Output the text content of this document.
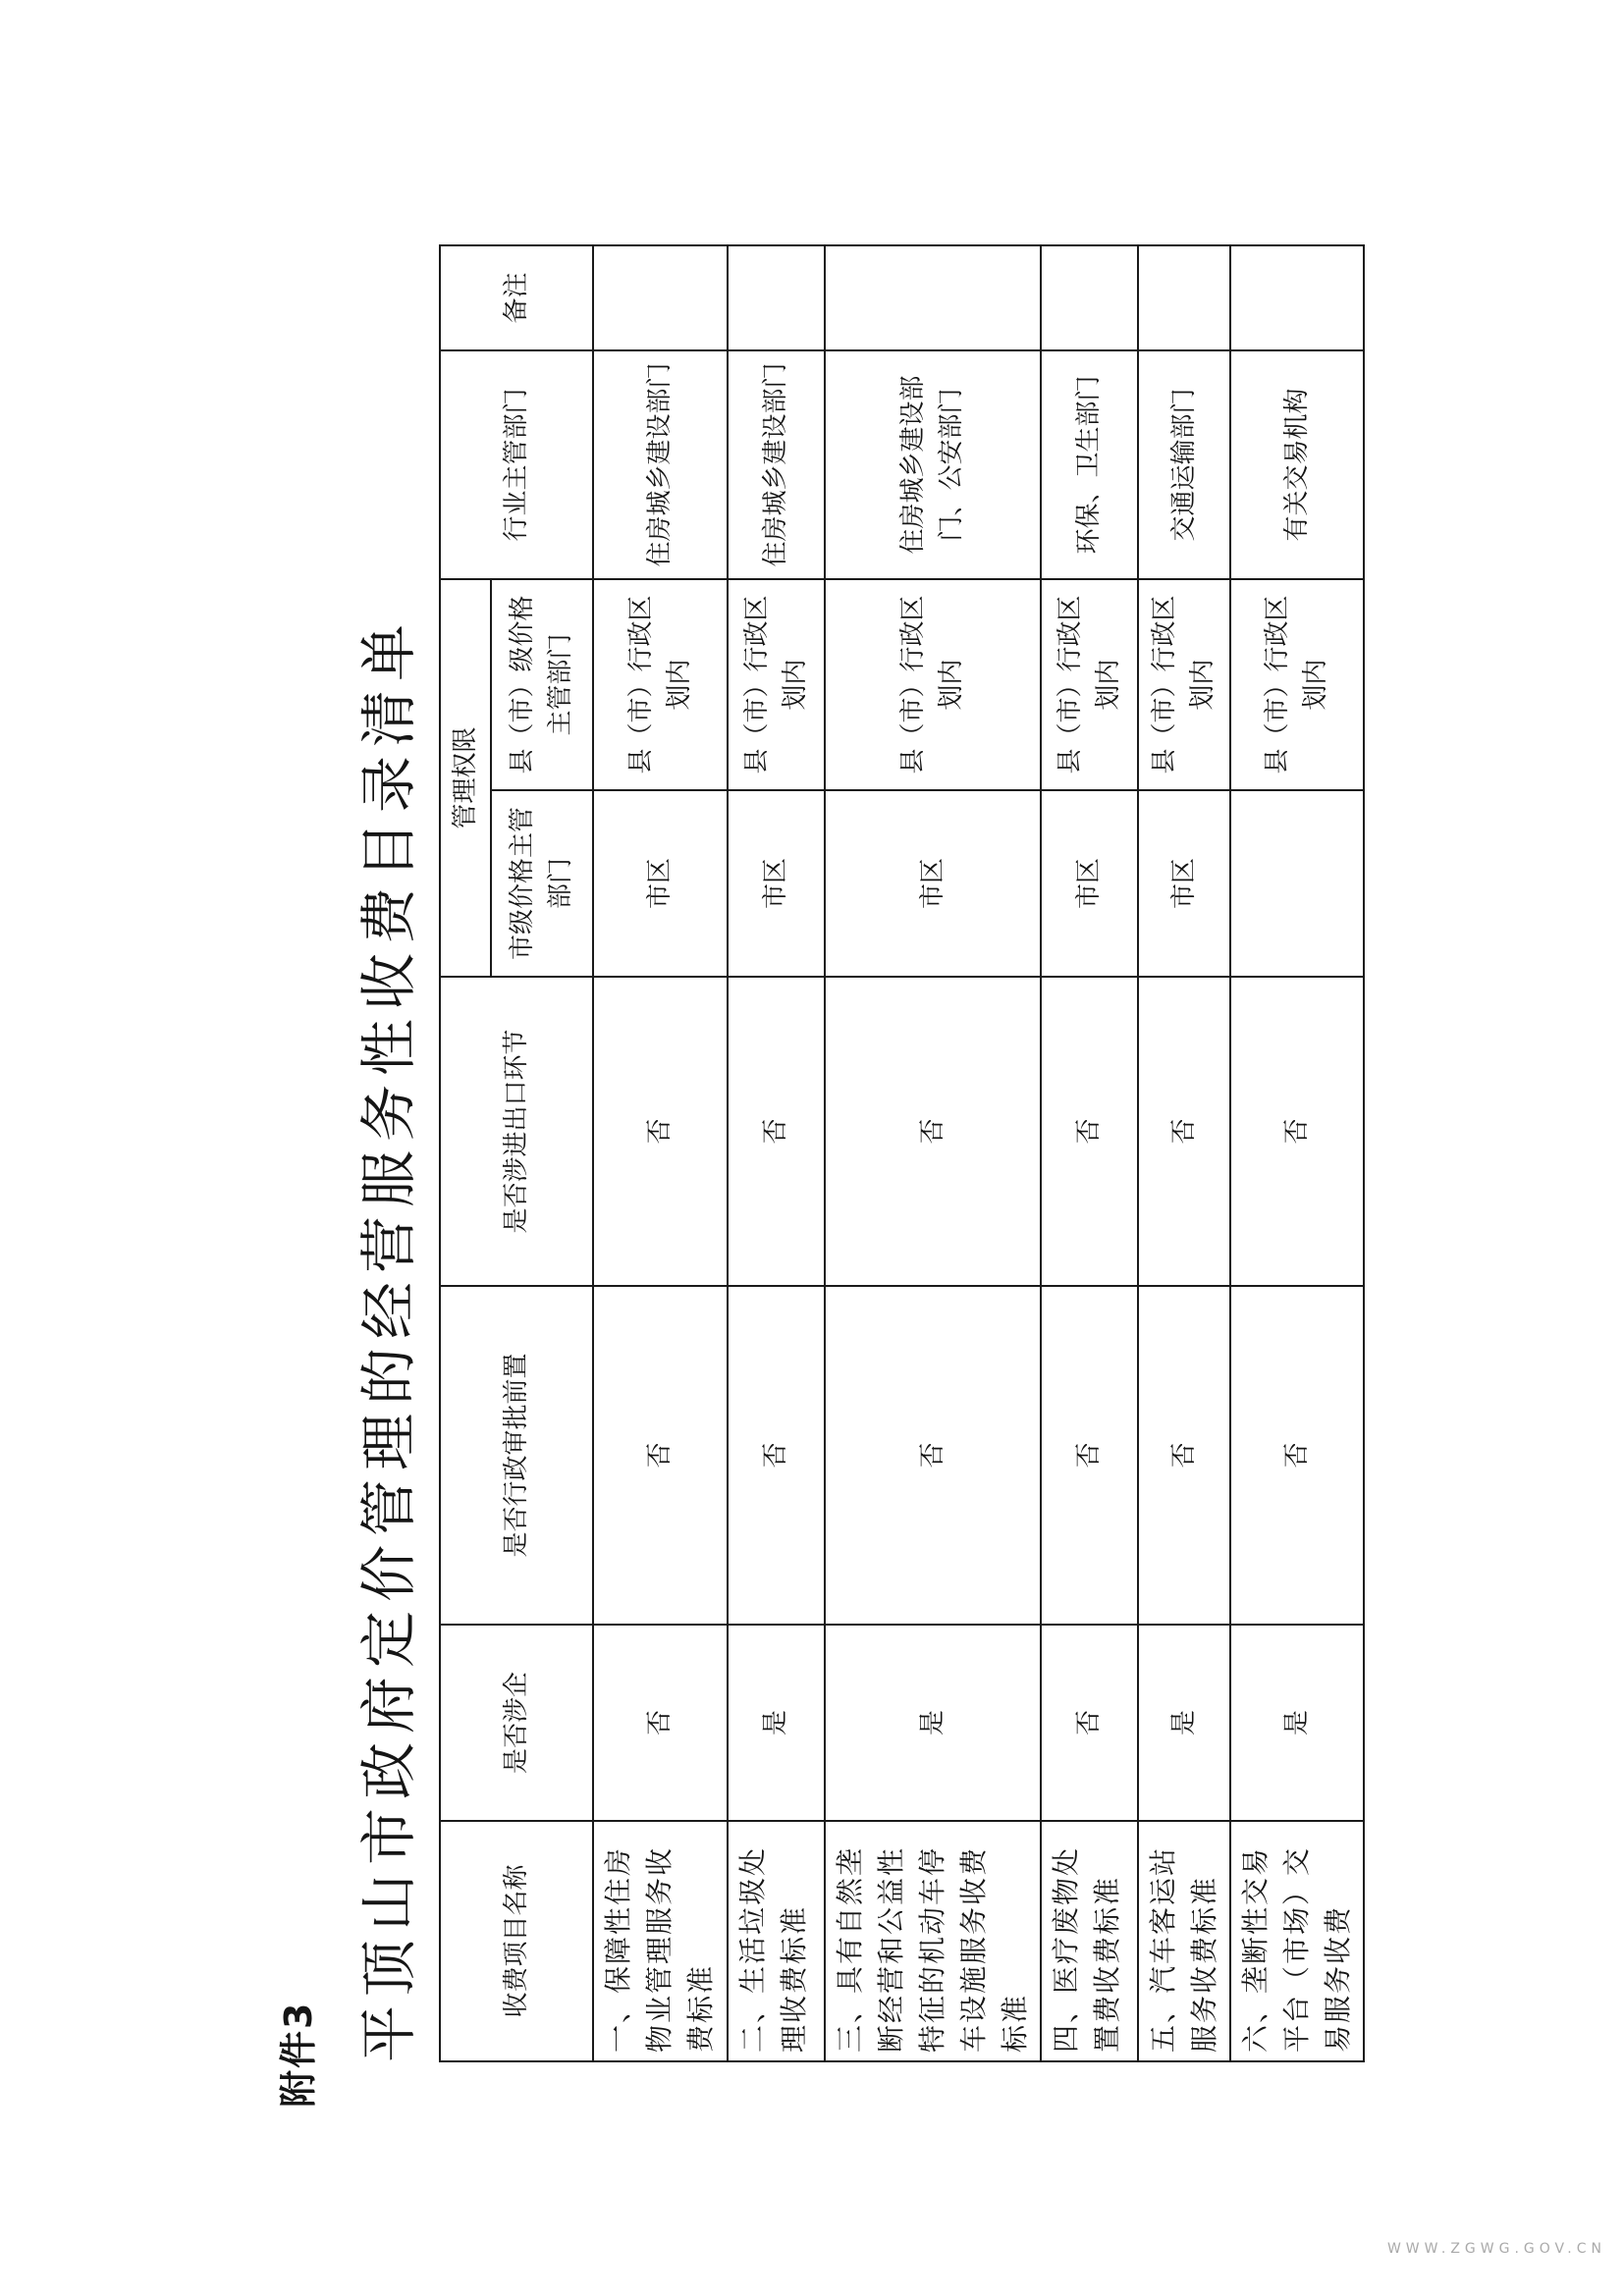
附件3 平顶山市政府定价管理的经营服务性收费目录清单	收费项目名称	是否涉企	是否行政审批前置	是否涉进出口环节	管理权限		行业主管部门	备注
				市级价格主管部门	县（市）级价格主管部门		
一、保障性住房物业管理服务收费标准	否	否	否	市区	县（市）行政区划内	住房城乡建设部门	
二、生活垃圾处理收费标准	是	否	否	市区	县（市）行政区划内	住房城乡建设部门	
三、具有自然垄断经营和公益性特征的机动车停车设施服务收费标准	是	否	否	市区	县（市）行政区划内	住房城乡建设部门、公安部门	
四、医疗废物处置费收费标准	否	否	否	市区	县（市）行政区划内	环保、卫生部门	
五、汽车客运站服务收费标准	是	否	否	市区	县（市）行政区划内	交通运输部门	
六、垄断性交易平台（市场）交易服务收费	是	否	否		县（市）行政区划内	有关交易机构	
WWW.ZGWG.GOV.CN
